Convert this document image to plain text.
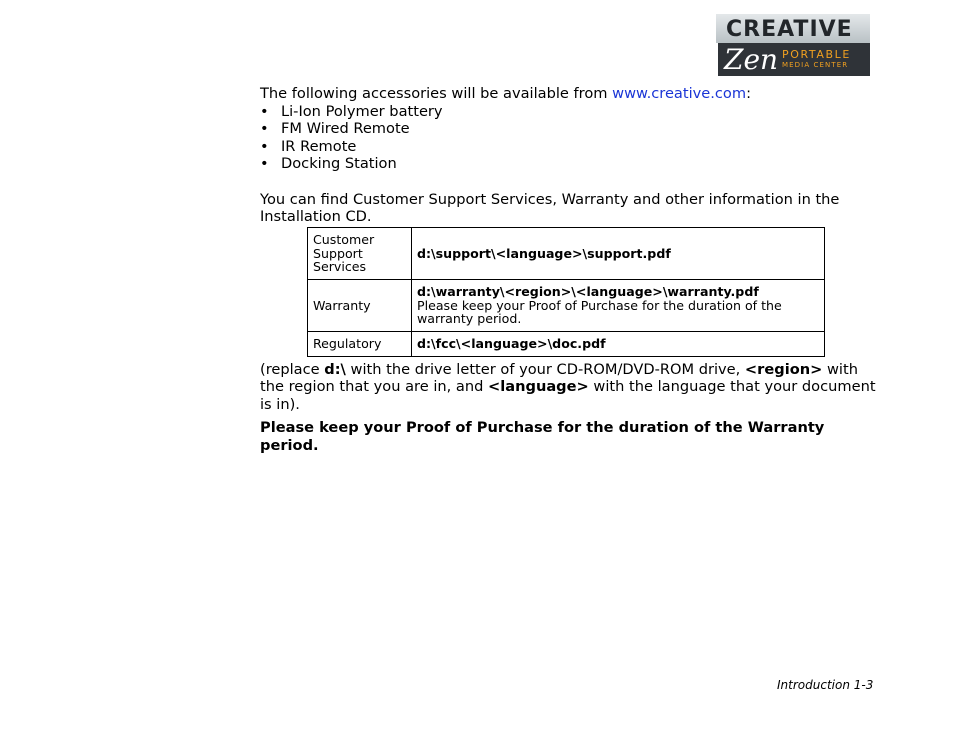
CREATIVE
Zen PORTABLE
MEDIA CENTER

The following accessories will be available from www.creative.com:

• Li-Ion Polymer battery
• FM Wired Remote
• IR Remote
• Docking Station

You can find Customer Support Services, Warranty and other information in the Installation CD.

Customer Support Services	d:\support\<language>\support.pdf
Warranty	d:\warranty\<region>\<language>\warranty.pdf
Please keep your Proof of Purchase for the duration of the warranty period.
Regulatory	d:\fcc\<language>\doc.pdf

(replace d:\ with the drive letter of your CD-ROM/DVD-ROM drive, <region> with the region that you are in, and <language> with the language that your document is in).

Please keep your Proof of Purchase for the duration of the Warranty period.

Introduction 1-3
